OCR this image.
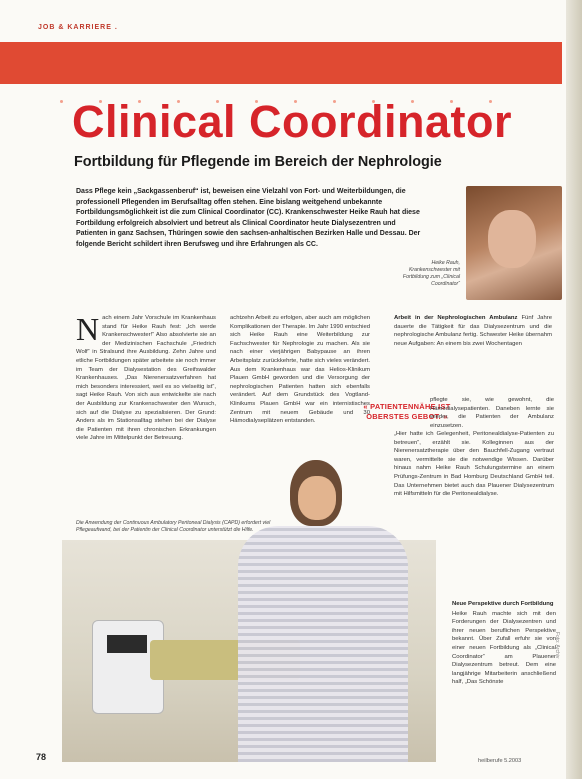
JOB & KARRIERE .
Clinical Coordinator
Fortbildung für Pflegende im Bereich der Nephrologie
Dass Pflege kein „Sackgassenberuf“ ist, beweisen eine Vielzahl von Fort- und Weiterbildungen, die professionell Pflegenden im Berufsalltag offen stehen. Eine bislang weitgehend unbekannte Fortbildungsmöglichkeit ist die zum Clinical Coordinator (CC). Krankenschwester Heike Rauh hat diese Fortbildung erfolgreich absolviert und betreut als Clinical Coordinator heute Dialysezentren und Patienten in ganz Sachsen, Thüringen sowie den sachsen-anhaltischen Bezirken Halle und Dessau. Der folgende Bericht schildert ihren Berufsweg und ihre Erfahrungen als CC.
Heike Rauh, Krankenschwester mit Fortbildung zum „Clinical Coordinator“
N ach einem Jahr Vorschule im Krankenhaus stand für Heike Rauh fest: „Ich werde Krankenschwester!“ Also absolvierte sie an der Medizinischen Fachschule „Friedrich Wolf“ in Stralsund ihre Ausbildung. Zehn Jahre und etliche Fortbildungen später arbeitete sie noch immer im Team der Dialysestation des Greifswalder Krankenhauses. „Das Nierenersatzverfahren hat mich besonders interessiert, weil es so vielseitig ist“, sagt Heike Rauh. Von sich aus entwickelte sie nach der Ausbildung zur Krankenschwester den Wunsch, sich auf die Dialyse zu spezialisieren. Der Grund: Anders als im Stationsalltag stehen bei der Dialyse die Patienten mit ihren chronischen Erkrankungen viele Jahre im Mittelpunkt der Betreuung.
achtzehn Arbeit zu erfolgen, aber auch am möglichen Komplikationen der Therapie. Im Jahr 1990 entschied sich Heike Rauh eine Weiterbildung zur Fachschwester für Nephrologie zu machen. Als sie nach einer vierjährigen Babypause an ihren Arbeitsplatz zurückkehrte, hatte sich vieles verändert. Aus dem Krankenhaus war das Helios-Klinikum Plauen GmbH geworden und die Versorgung der nephrologischen Patienten hatten sich ebenfalls verändert. Auf dem Grundstück des Vogtland-Klinikums Plauen GmbH war ein internistisches Zentrum mit neuem Gebäude und 30 Hämodialyseplätzen entstanden.
« PATIENTENNÄHE IST OBERSTES GEBOT. »
Arbeit in der Nephrologischen Ambulanz Fünf Jahre dauerte die Tätigkeit für das Dialysezentrum und die nephrologische Ambulanz fertig. Schwester Heike übernahm neue Aufgaben: An einem bis zwei Wochentagen
pflegte sie, wie gewohnt, die Hämodialysepatienten. Daneben lernte sie wieder, die Patienten der Ambulanz einzusetzen.
„Hier hatte ich Gelegenheit, Peritonealdialyse-Patienten zu betreuen“, erzählt sie. Kolleginnen aus der Nierenersatztherapie über den Bauchfell-Zugang vertraut waren, vermittelte sie die notwendige Wissen. Darüber hinaus nahm Heike Rauh Schulungstermine an einem Prüfungs-Zentrum in Bad Homburg Deutschland GmbH teil. Das Unternehmen bietet auch das Plauener Dialysezentrum mit Hilfsmitteln für die Peritonealdialyse.
Die Anwendung der Continuous Ambulatory Peritoneal Dialysis (CAPD) erfordert viel Pflegeaufwand, bei der Patientin der Clinical Coordinator unterstützt die Hilfe.
Neue Perspektive durch Fortbildung
Heike Rauh machte sich mit den Forderungen der Dialysezentren und ihrer neuen beruflichen Perspektive bekannt. Über Zufall erfuhr sie von einer neuen Fortbildung als „Clinical Coordinator“ am Plauener Dialysezentrum betreut. Dem eine langjährige Mitarbeiterin anschließend half, „Das Schönste
Foto: Archiv
78	heilberufe 5.2003
